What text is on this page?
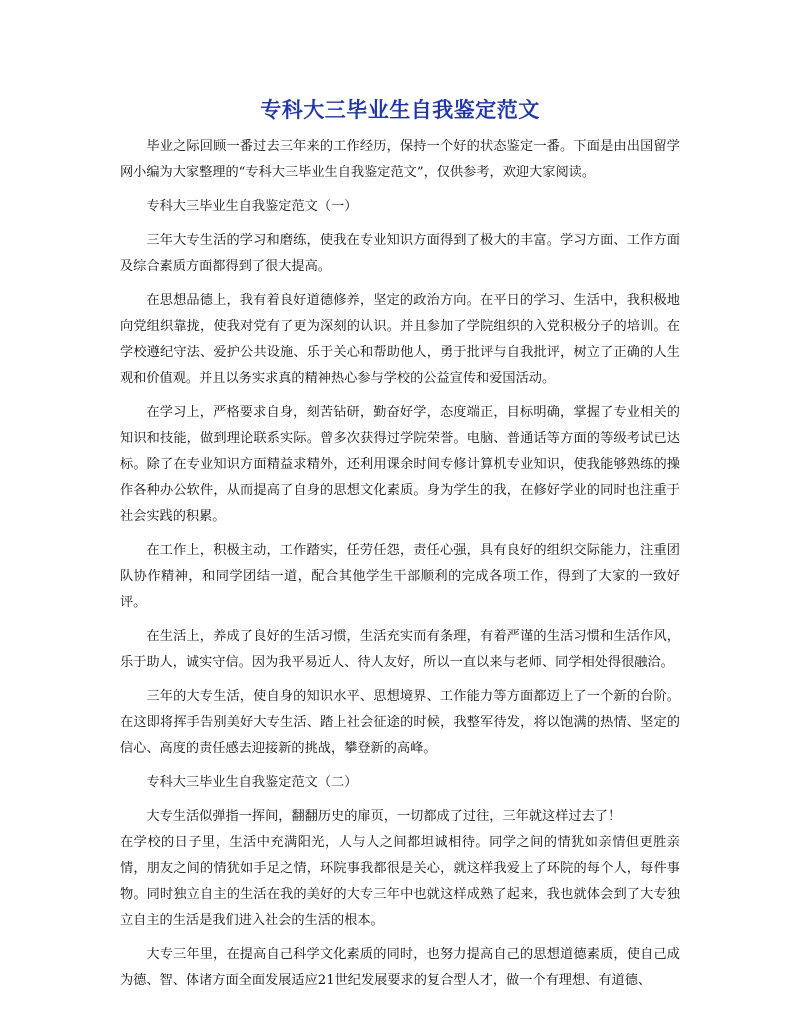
专科大三毕业生自我鉴定范文

毕业之际回顾一番过去三年来的工作经历，保持一个好的状态鉴定一番。下面是由出国留学网小编为大家整理的“专科大三毕业生自我鉴定范文”，仅供参考，欢迎大家阅读。

专科大三毕业生自我鉴定范文（一）

三年大专生活的学习和磨练，使我在专业知识方面得到了极大的丰富。学习方面、工作方面及综合素质方面都得到了很大提高。

在思想品德上，我有着良好道德修养，坚定的政治方向。在平日的学习、生活中，我积极地向党组织靠拢，使我对党有了更为深刻的认识。并且参加了学院组织的入党积极分子的培训。在学校遵纪守法、爱护公共设施、乐于关心和帮助他人，勇于批评与自我批评，树立了正确的人生观和价值观。并且以务实求真的精神热心参与学校的公益宣传和爱国活动。

在学习上，严格要求自身，刻苦钻研，勤奋好学，态度端正，目标明确，掌握了专业相关的知识和技能，做到理论联系实际。曾多次获得过学院荣誉。电脑、普通话等方面的等级考试已达标。除了在专业知识方面精益求精外，还利用课余时间专修计算机专业知识，使我能够熟练的操作各种办公软件，从而提高了自身的思想文化素质。身为学生的我，在修好学业的同时也注重于社会实践的积累。

在工作上，积极主动，工作踏实，任劳任怨，责任心强，具有良好的组织交际能力，注重团队协作精神，和同学团结一道，配合其他学生干部顺利的完成各项工作，得到了大家的一致好评。

在生活上，养成了良好的生活习惯，生活充实而有条理，有着严谨的生活习惯和生活作风，乐于助人，诚实守信。因为我平易近人、待人友好，所以一直以来与老师、同学相处得很融洽。

三年的大专生活，使自身的知识水平、思想境界、工作能力等方面都迈上了一个新的台阶。在这即将挥手告别美好大专生活、踏上社会征途的时候，我整军待发，将以饱满的热情、坚定的信心、高度的责任感去迎接新的挑战，攀登新的高峰。

专科大三毕业生自我鉴定范文（二）

大专生活似弹指一挥间，翻翻历史的扉页，一切都成了过往，三年就这样过去了！
在学校的日子里，生活中充满阳光，人与人之间都坦诚相待。同学之间的情犹如亲情但更胜亲情，朋友之间的情犹如手足之情，环院事我都很是关心，就这样我爱上了环院的每个人，每件事物。同时独立自主的生活在我的美好的大专三年中也就这样成熟了起来，我也就体会到了大专独立自主的生活是我们进入社会的生活的根本。

大专三年里，在提高自己科学文化素质的同时，也努力提高自己的思想道德素质，使自己成为德、智、体诸方面全面发展适应21世纪发展要求的复合型人才，做一个有理想、有道德、
